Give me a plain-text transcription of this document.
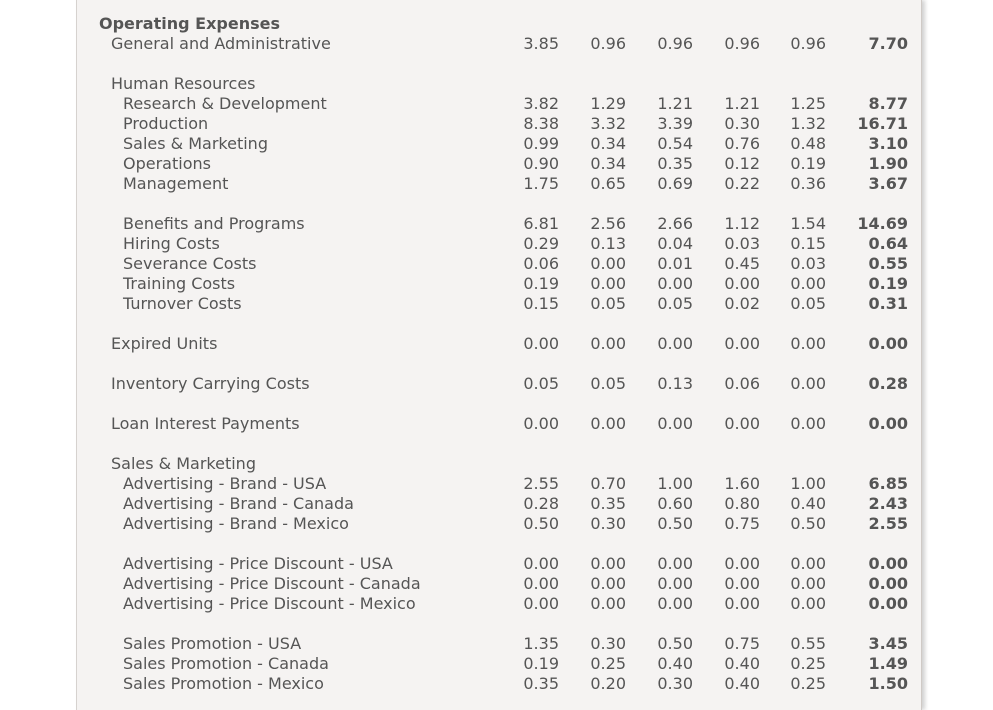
Operating Expenses
General and Administrative	3.85	0.96	0.96	0.96	0.96	7.70
Human Resources
Research & Development	3.82	1.29	1.21	1.21	1.25	8.77
Production	8.38	3.32	3.39	0.30	1.32	16.71
Sales & Marketing	0.99	0.34	0.54	0.76	0.48	3.10
Operations	0.90	0.34	0.35	0.12	0.19	1.90
Management	1.75	0.65	0.69	0.22	0.36	3.67
Benefits and Programs	6.81	2.56	2.66	1.12	1.54	14.69
Hiring Costs	0.29	0.13	0.04	0.03	0.15	0.64
Severance Costs	0.06	0.00	0.01	0.45	0.03	0.55
Training Costs	0.19	0.00	0.00	0.00	0.00	0.19
Turnover Costs	0.15	0.05	0.05	0.02	0.05	0.31
Expired Units	0.00	0.00	0.00	0.00	0.00	0.00
Inventory Carrying Costs	0.05	0.05	0.13	0.06	0.00	0.28
Loan Interest Payments	0.00	0.00	0.00	0.00	0.00	0.00
Sales & Marketing
Advertising - Brand - USA	2.55	0.70	1.00	1.60	1.00	6.85
Advertising - Brand - Canada	0.28	0.35	0.60	0.80	0.40	2.43
Advertising - Brand - Mexico	0.50	0.30	0.50	0.75	0.50	2.55
Advertising - Price Discount - USA	0.00	0.00	0.00	0.00	0.00	0.00
Advertising - Price Discount - Canada	0.00	0.00	0.00	0.00	0.00	0.00
Advertising - Price Discount - Mexico	0.00	0.00	0.00	0.00	0.00	0.00
Sales Promotion - USA	1.35	0.30	0.50	0.75	0.55	3.45
Sales Promotion - Canada	0.19	0.25	0.40	0.40	0.25	1.49
Sales Promotion - Mexico	0.35	0.20	0.30	0.40	0.25	1.50
